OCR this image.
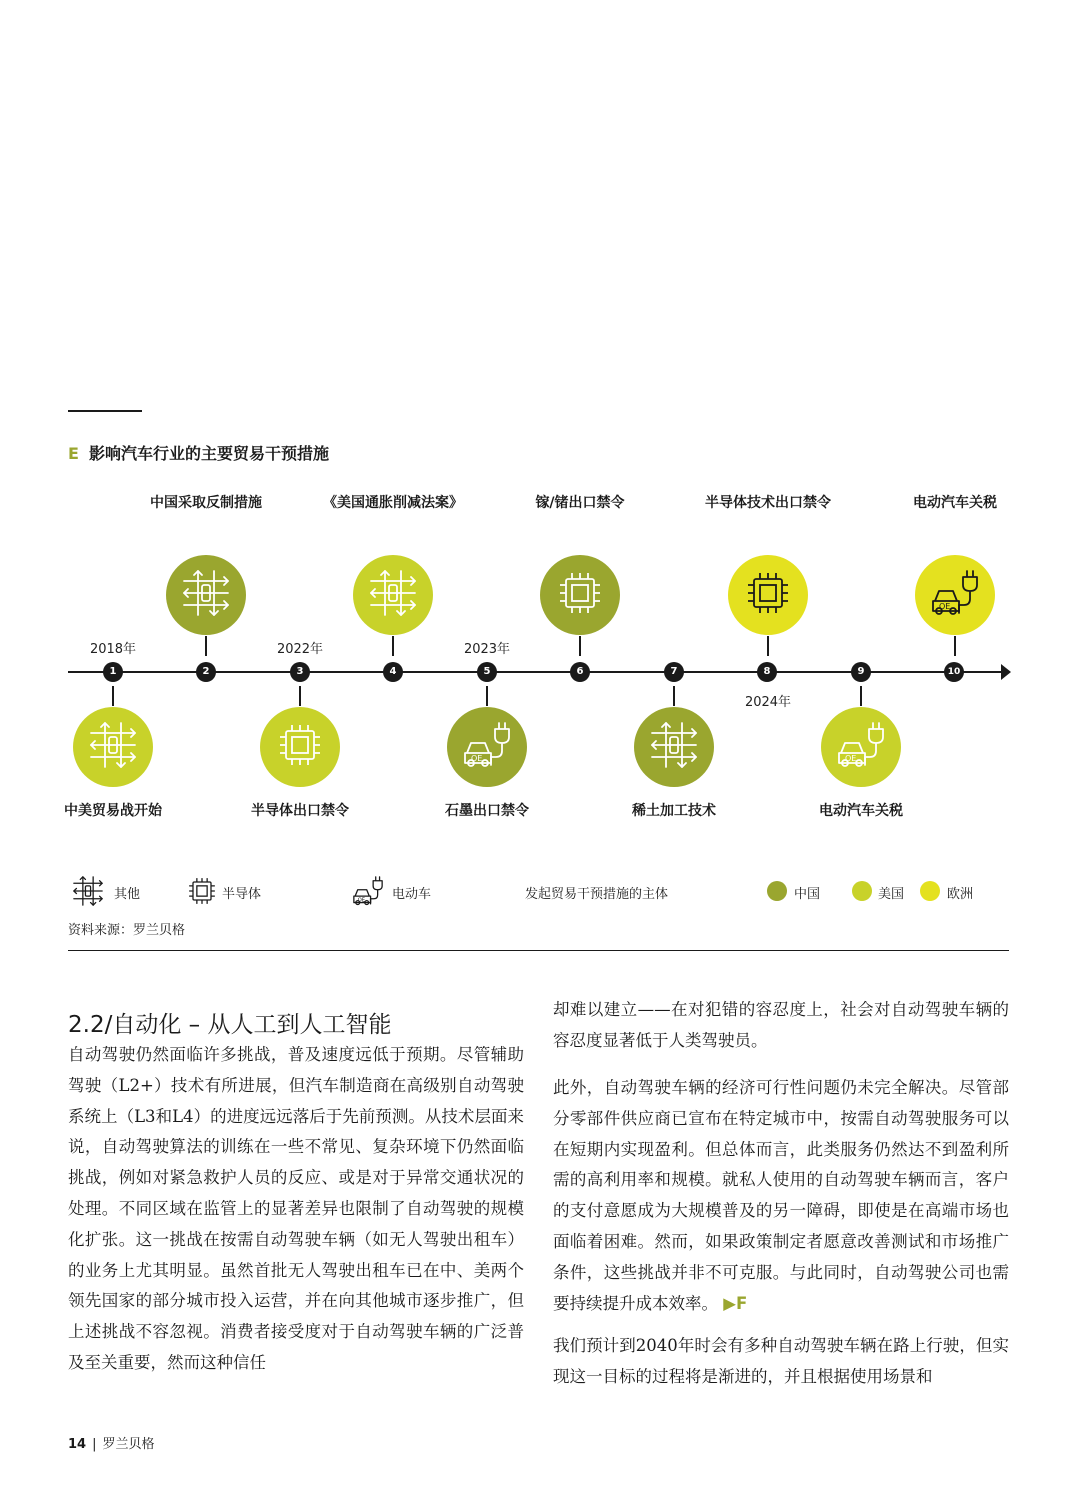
E 影响汽车行业的主要贸易干预措施
中国采取反制措施	《美国通胀削减法案》	镓/锗出口禁令	半导体技术出口禁令	电动汽车关税
OE
2018年	2022年	2023年
2024年
1	2	3	4	5	6	7	8	9	10
OE	OE
中美贸易战开始	半导体出口禁令	石墨出口禁令	稀土加工技术	电动汽车关税
其他	半导体	OE 电动车	发起贸易干预措施的主体	中国	美国	欧洲
资料来源：罗兰贝格
2.2/自动化 – 从人工到人工智能
自动驾驶仍然面临许多挑战，普及速度远低于预期。尽管辅助驾驶（L2+）技术有所进展，但汽车制造商在高级别自动驾驶系统上（L3和L4）的进度远远落后于先前预测。从技术层面来说，自动驾驶算法的训练在一些不常见、复杂环境下仍然面临挑战，例如对紧急救护人员的反应、或是对于异常交通状况的处理。不同区域在监管上的显著差异也限制了自动驾驶的规模化扩张。这一挑战在按需自动驾驶车辆（如无人驾驶出租车）的业务上尤其明显。虽然首批无人驾驶出租车已在中、美两个领先国家的部分城市投入运营，并在向其他城市逐步推广，但上述挑战不容忽视。消费者接受度对于自动驾驶车辆的广泛普及至关重要，然而这种信任
却难以建立——在对犯错的容忍度上，社会对自动驾驶车辆的容忍度显著低于人类驾驶员。
此外，自动驾驶车辆的经济可行性问题仍未完全解决。尽管部分零部件供应商已宣布在特定城市中，按需自动驾驶服务可以在短期内实现盈利。但总体而言，此类服务仍然达不到盈利所需的高利用率和规模。就私人使用的自动驾驶车辆而言，客户的支付意愿成为大规模普及的另一障碍，即使是在高端市场也面临着困难。然而，如果政策制定者愿意改善测试和市场推广条件，这些挑战并非不可克服。与此同时，自动驾驶公司也需要持续提升成本效率。 ▶F
我们预计到2040年时会有多种自动驾驶车辆在路上行驶，但实现这一目标的过程将是渐进的，并且根据使用场景和
14 | 罗兰贝格
